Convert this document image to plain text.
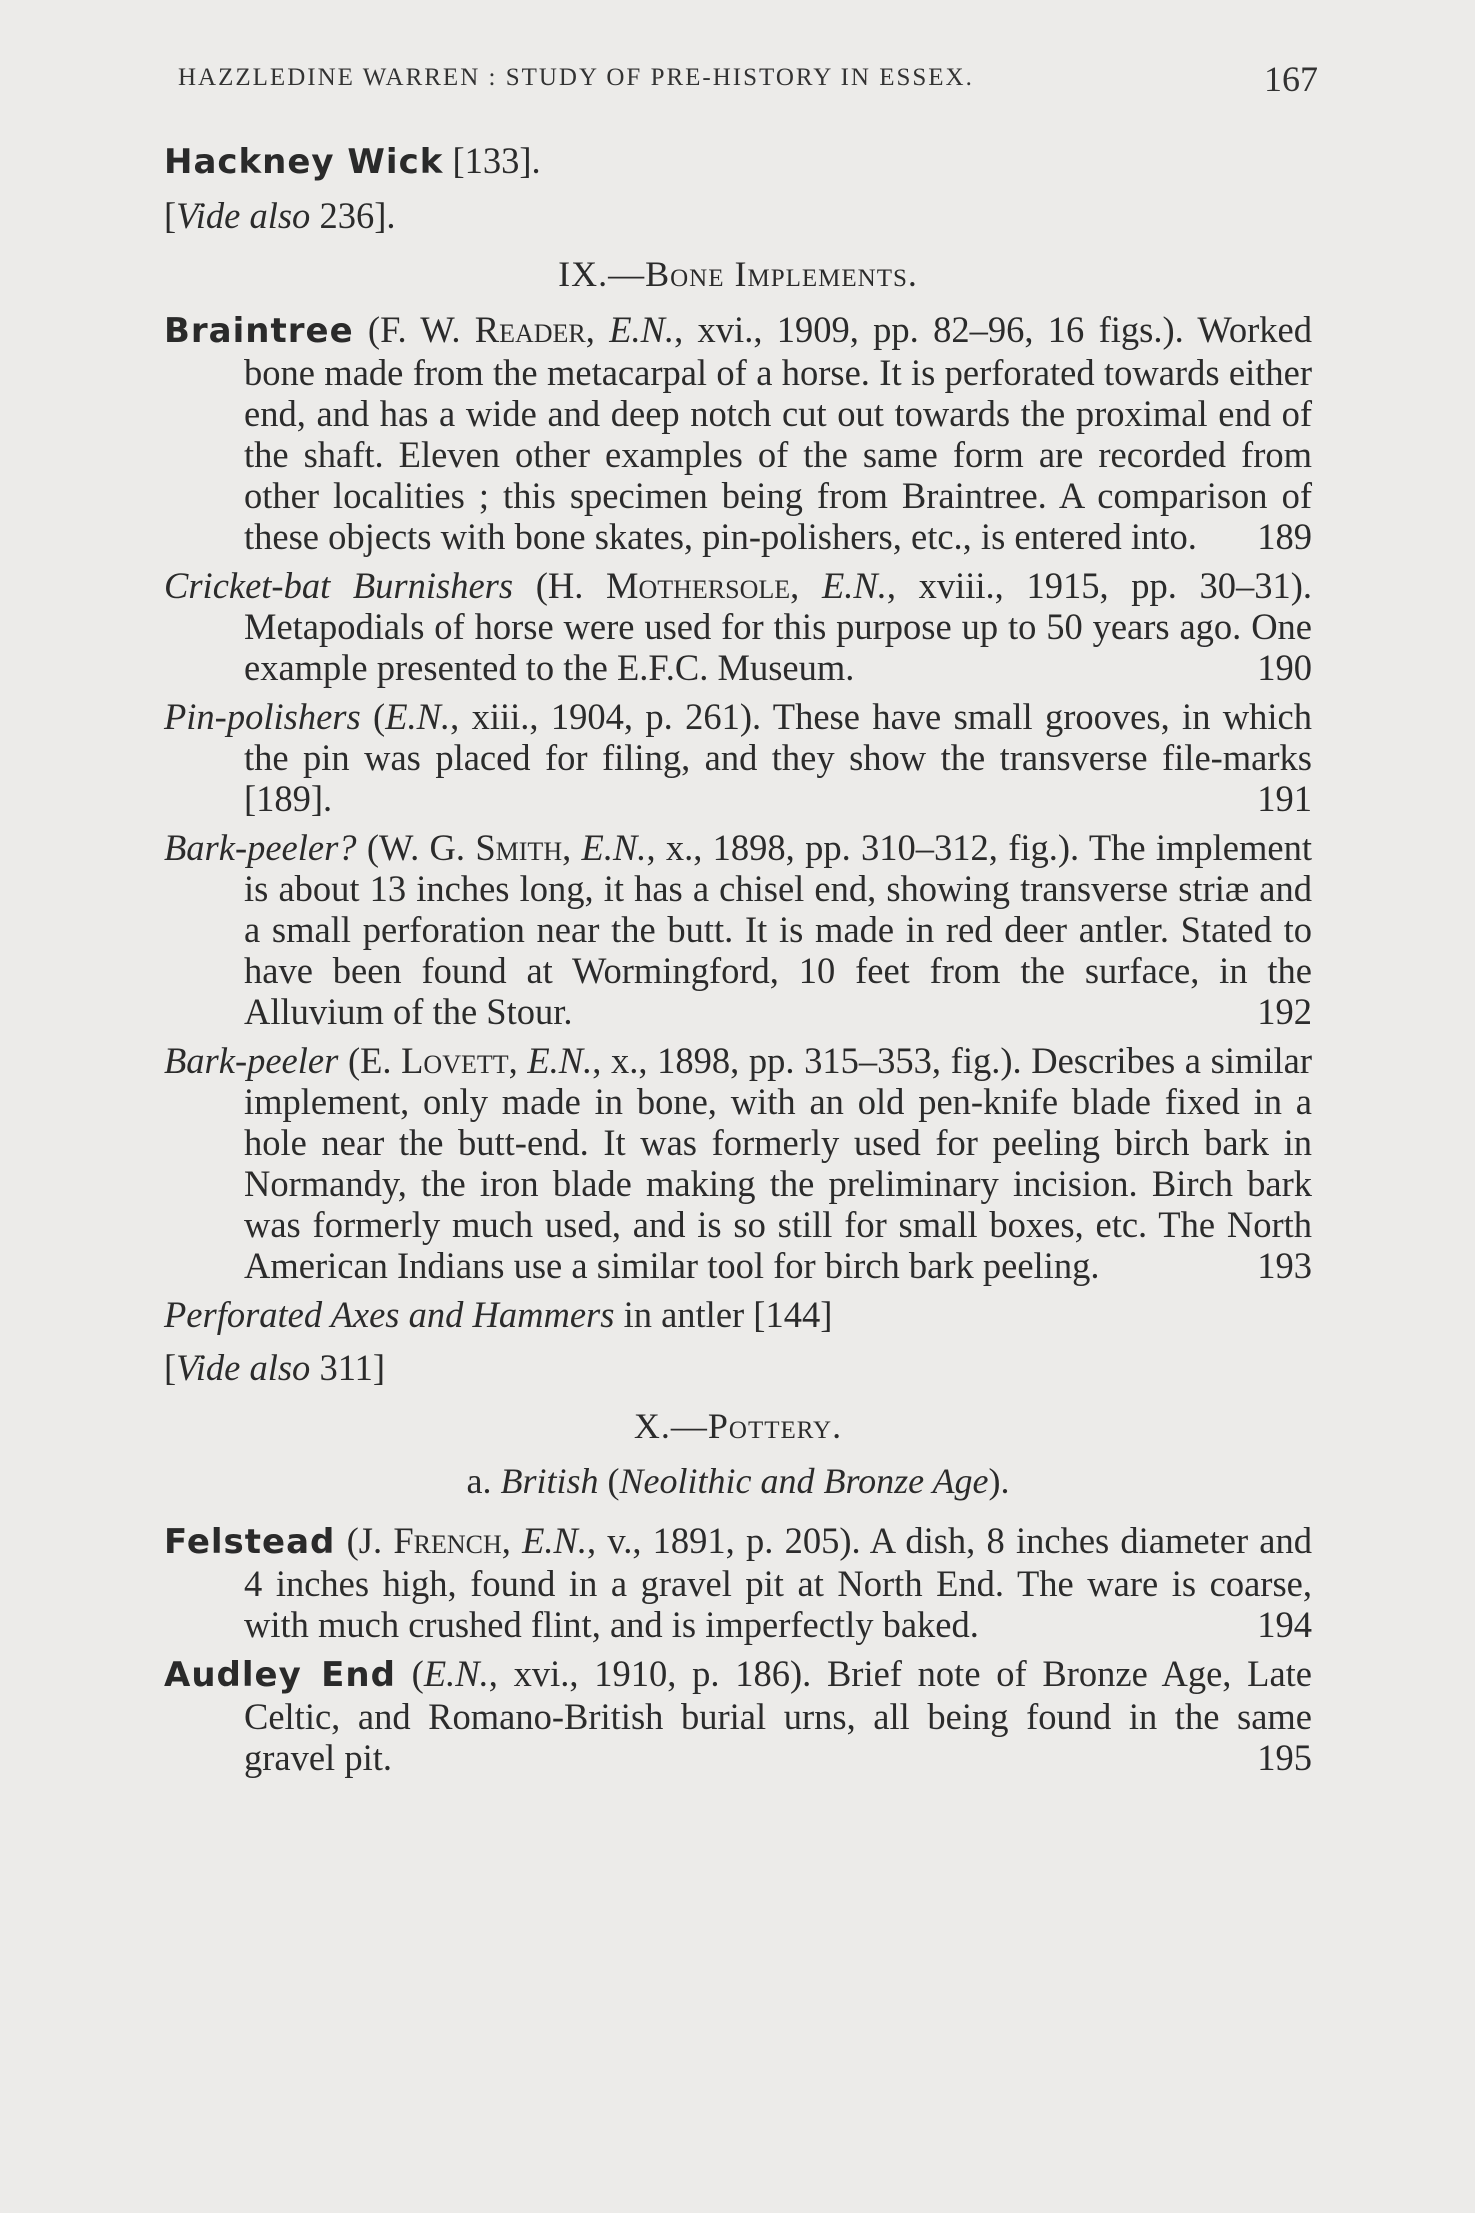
HAZZLEDINE WARREN : STUDY OF PRE-HISTORY IN ESSEX.	167
Hackney Wick [133].
[Vide also 236].
IX.—Bone Implements.
Braintree (F. W. Reader, E.N., xvi., 1909, pp. 82–96, 16 figs.). Worked bone made from the metacarpal of a horse. It is perforated towards either end, and has a wide and deep notch cut out towards the proximal end of the shaft. Eleven other examples of the same form are recorded from other localities ; this specimen being from Braintree. A comparison of these objects with bone skates, pin-polishers, etc., is entered into. 189
Cricket-bat Burnishers (H. Mothersole, E.N., xviii., 1915, pp. 30–31). Metapodials of horse were used for this purpose up to 50 years ago. One example presented to the E.F.C. Museum.	190
Pin-polishers (E.N., xiii., 1904, p. 261). These have small grooves, in which the pin was placed for filing, and they show the transverse file-marks [189].	191
Bark-peeler? (W. G. Smith, E.N., x., 1898, pp. 310–312, fig.). The implement is about 13 inches long, it has a chisel end, showing transverse striæ and a small perforation near the butt. It is made in red deer antler. Stated to have been found at Wormingford, 10 feet from the surface, in the Alluvium of the Stour.	192
Bark-peeler (E. Lovett, E.N., x., 1898, pp. 315–353, fig.). Describes a similar implement, only made in bone, with an old pen-knife blade fixed in a hole near the butt-end. It was formerly used for peeling birch bark in Normandy, the iron blade making the preliminary incision. Birch bark was formerly much used, and is so still for small boxes, etc. The North American Indians use a similar tool for birch bark peeling.	193
Perforated Axes and Hammers in antler [144]
[Vide also 311]
X.—Pottery.
a. British (Neolithic and Bronze Age).
Felstead (J. French, E.N., v., 1891, p. 205). A dish, 8 inches diameter and 4 inches high, found in a gravel pit at North End. The ware is coarse, with much crushed flint, and is imperfectly baked.	194
Audley End (E.N., xvi., 1910, p. 186). Brief note of Bronze Age, Late Celtic, and Romano-British burial urns, all being found in the same gravel pit.	195
